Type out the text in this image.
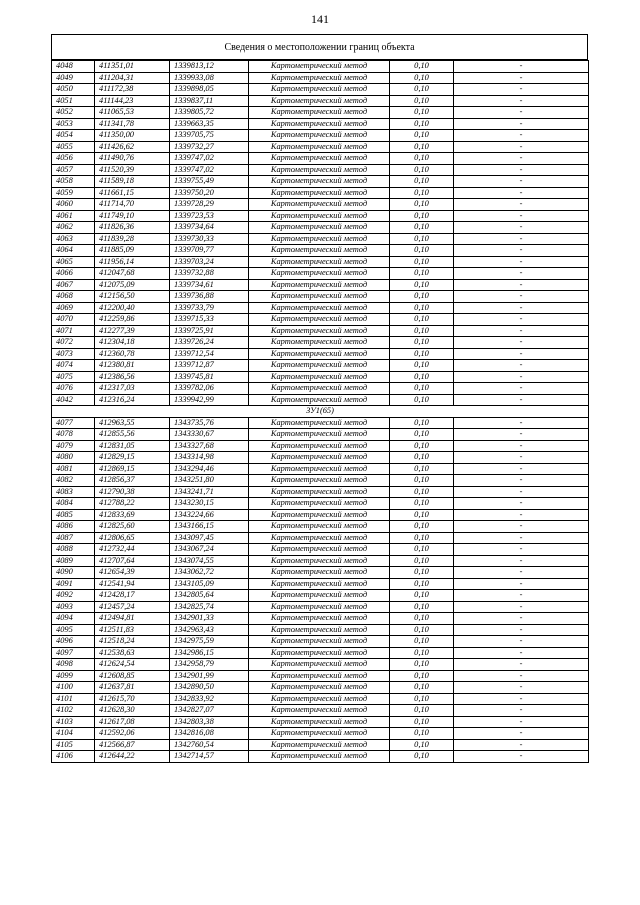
141
Сведения о местоположении границ объекта
4048	411351,01	1339813,12	Картометрический метод	0,10	-
4049	411204,31	1339933,08	Картометрический метод	0,10	-
4050	411172,38	1339898,05	Картометрический метод	0,10	-
4051	411144,23	1339837,11	Картометрический метод	0,10	-
4052	411065,53	1339805,72	Картометрический метод	0,10	-
4053	411341,78	1339663,35	Картометрический метод	0,10	-
4054	411350,00	1339705,75	Картометрический метод	0,10	-
4055	411426,62	1339732,27	Картометрический метод	0,10	-
4056	411490,76	1339747,02	Картометрический метод	0,10	-
4057	411520,39	1339747,02	Картометрический метод	0,10	-
4058	411589,18	1339755,49	Картометрический метод	0,10	-
4059	411661,15	1339750,20	Картометрический метод	0,10	-
4060	411714,70	1339728,29	Картометрический метод	0,10	-
4061	411749,10	1339723,53	Картометрический метод	0,10	-
4062	411826,36	1339734,64	Картометрический метод	0,10	-
4063	411839,28	1339730,33	Картометрический метод	0,10	-
4064	411885,09	1339709,77	Картометрический метод	0,10	-
4065	411956,14	1339703,24	Картометрический метод	0,10	-
4066	412047,68	1339732,88	Картометрический метод	0,10	-
4067	412075,09	1339734,61	Картометрический метод	0,10	-
4068	412156,50	1339736,88	Картометрический метод	0,10	-
4069	412200,40	1339733,79	Картометрический метод	0,10	-
4070	412259,86	1339715,33	Картометрический метод	0,10	-
4071	412277,39	1339725,91	Картометрический метод	0,10	-
4072	412304,18	1339726,24	Картометрический метод	0,10	-
4073	412360,78	1339712,54	Картометрический метод	0,10	-
4074	412380,81	1339712,87	Картометрический метод	0,10	-
4075	412386,56	1339745,81	Картометрический метод	0,10	-
4076	412317,03	1339782,06	Картометрический метод	0,10	-
4042	412316,24	1339942,99	Картометрический метод	0,10	-
ЗУ1(65)					
4077	412963,55	1343735,76	Картометрический метод	0,10	-
4078	412855,56	1343330,67	Картометрический метод	0,10	-
4079	412831,05	1343327,68	Картометрический метод	0,10	-
4080	412829,15	1343314,98	Картометрический метод	0,10	-
4081	412869,15	1343294,46	Картометрический метод	0,10	-
4082	412856,37	1343251,80	Картометрический метод	0,10	-
4083	412790,38	1343241,71	Картометрический метод	0,10	-
4084	412788,22	1343230,15	Картометрический метод	0,10	-
4085	412833,69	1343224,66	Картометрический метод	0,10	-
4086	412825,60	1343166,15	Картометрический метод	0,10	-
4087	412806,65	1343097,45	Картометрический метод	0,10	-
4088	412732,44	1343067,24	Картометрический метод	0,10	-
4089	412707,64	1343074,55	Картометрический метод	0,10	-
4090	412654,39	1343062,72	Картометрический метод	0,10	-
4091	412541,94	1343105,09	Картометрический метод	0,10	-
4092	412428,17	1342805,64	Картометрический метод	0,10	-
4093	412457,24	1342825,74	Картометрический метод	0,10	-
4094	412494,81	1342901,33	Картометрический метод	0,10	-
4095	412511,83	1342963,43	Картометрический метод	0,10	-
4096	412518,24	1342975,59	Картометрический метод	0,10	-
4097	412538,63	1342986,15	Картометрический метод	0,10	-
4098	412624,54	1342958,79	Картометрический метод	0,10	-
4099	412608,85	1342901,99	Картометрический метод	0,10	-
4100	412637,81	1342890,50	Картометрический метод	0,10	-
4101	412615,70	1342833,92	Картометрический метод	0,10	-
4102	412628,30	1342827,07	Картометрический метод	0,10	-
4103	412617,08	1342803,38	Картометрический метод	0,10	-
4104	412592,06	1342816,08	Картометрический метод	0,10	-
4105	412566,87	1342760,54	Картометрический метод	0,10	-
4106	412644,22	1342714,57	Картометрический метод	0,10	-
